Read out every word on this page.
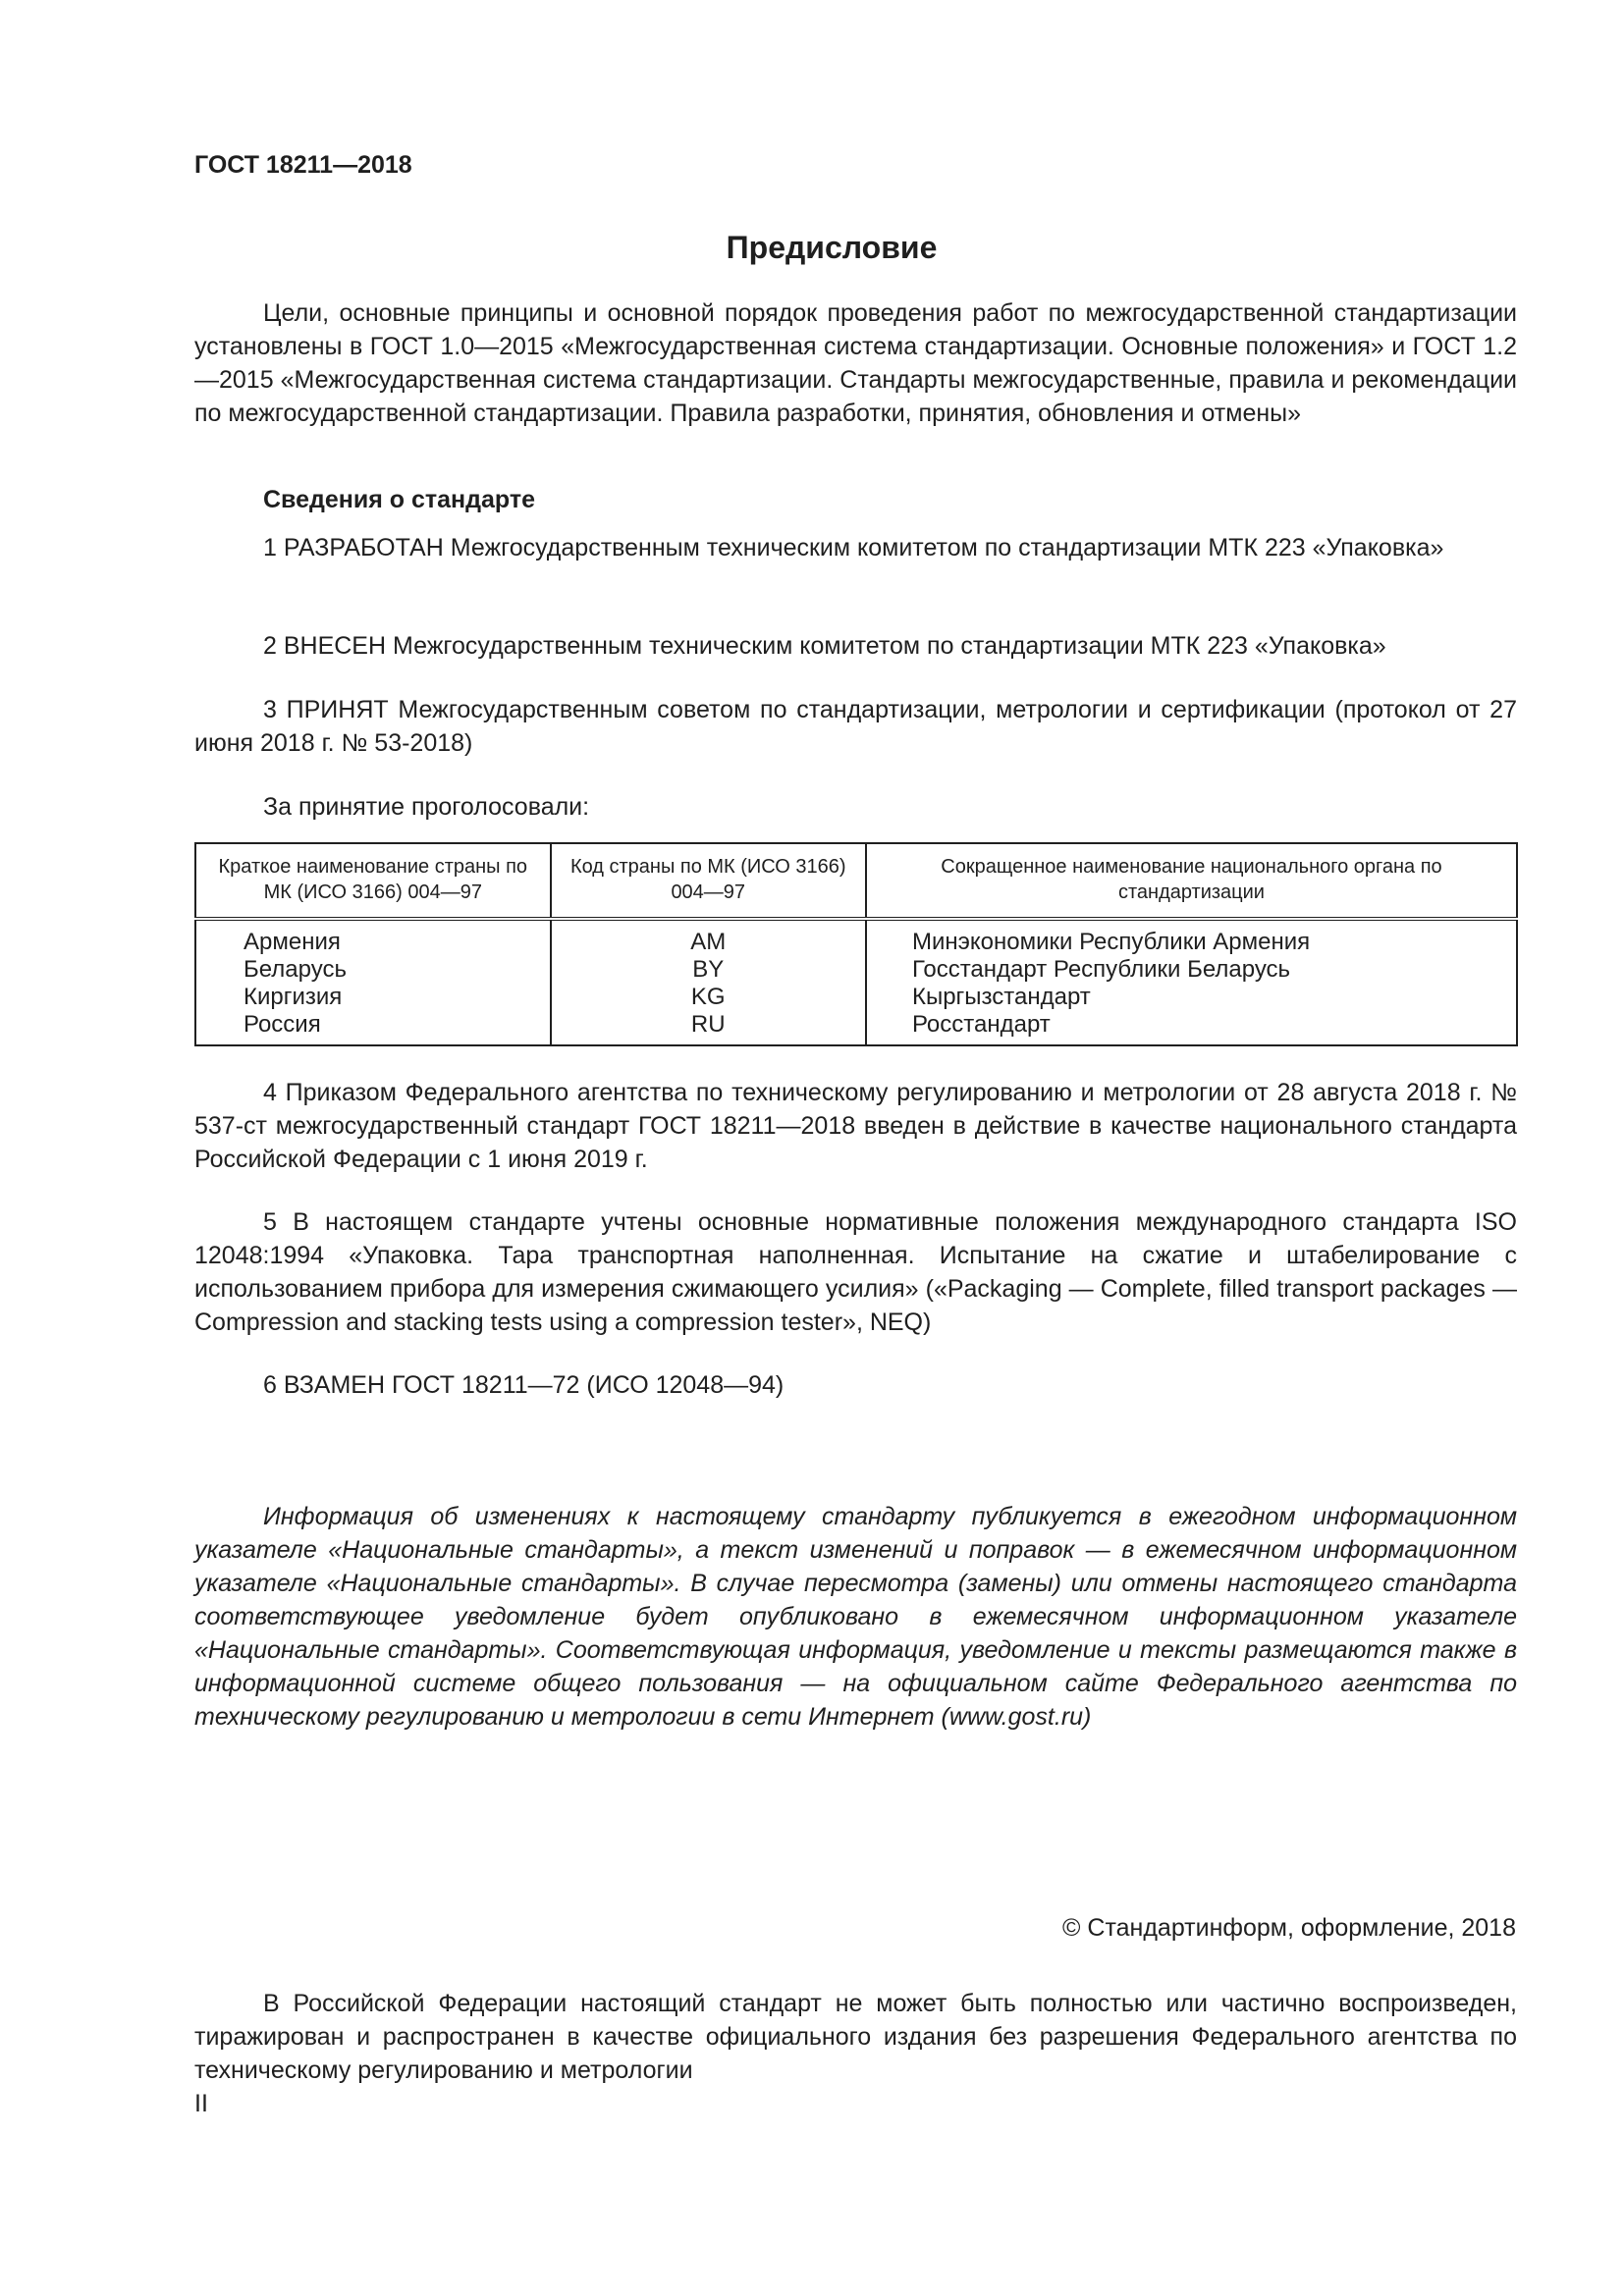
ГОСТ 18211—2018
Предисловие

Цели, основные принципы и основной порядок проведения работ по межгосударственной стандартизации установлены в ГОСТ 1.0—2015 «Межгосударственная система стандартизации. Основные положения» и ГОСТ 1.2—2015 «Межгосударственная система стандартизации. Стандарты межгосударственные, правила и рекомендации по межгосударственной стандартизации. Правила разработки, принятия, обновления и отмены»

Сведения о стандарте

1 РАЗРАБОТАН Межгосударственным техническим комитетом по стандартизации МТК 223 «Упаковка»

2 ВНЕСЕН Межгосударственным техническим комитетом по стандартизации МТК 223 «Упаковка»

3 ПРИНЯТ Межгосударственным советом по стандартизации, метрологии и сертификации (протокол от 27 июня 2018 г. № 53-2018)

За принятие проголосовали:
Краткое наименование страны по МК (ИСО 3166) 004—97	Код страны по МК (ИСО 3166) 004—97	Сокращенное наименование национального органа по стандартизации
Армения	AM	Минэкономики Республики Армения
Беларусь	BY	Госстандарт Республики Беларусь
Киргизия	KG	Кыргызстандарт
Россия	RU	Росстандарт

4 Приказом Федерального агентства по техническому регулированию и метрологии от 28 августа 2018 г. № 537-ст межгосударственный стандарт ГОСТ 18211—2018 введен в действие в качестве национального стандарта Российской Федерации с 1 июня 2019 г.

5 В настоящем стандарте учтены основные нормативные положения международного стандарта ISO 12048:1994 «Упаковка. Тара транспортная наполненная. Испытание на сжатие и штабелирование с использованием прибора для измерения сжимающего усилия» («Packaging — Complete, filled transport packages — Compression and stacking tests using a compression tester», NEQ)

6 ВЗАМЕН ГОСТ 18211—72 (ИСО 12048—94)

Информация об изменениях к настоящему стандарту публикуется в ежегодном информационном указателе «Национальные стандарты», а текст изменений и поправок — в ежемесячном информационном указателе «Национальные стандарты». В случае пересмотра (замены) или отмены настоящего стандарта соответствующее уведомление будет опубликовано в ежемесячном информационном указателе «Национальные стандарты». Соответствующая информация, уведомление и тексты размещаются также в информационной системе общего пользования — на официальном сайте Федерального агентства по техническому регулированию и метрологии в сети Интернет (www.gost.ru)

© Стандартинформ, оформление, 2018

В Российской Федерации настоящий стандарт не может быть полностью или частично воспроизведен, тиражирован и распространен в качестве официального издания без разрешения Федерального агентства по техническому регулированию и метрологии

II
